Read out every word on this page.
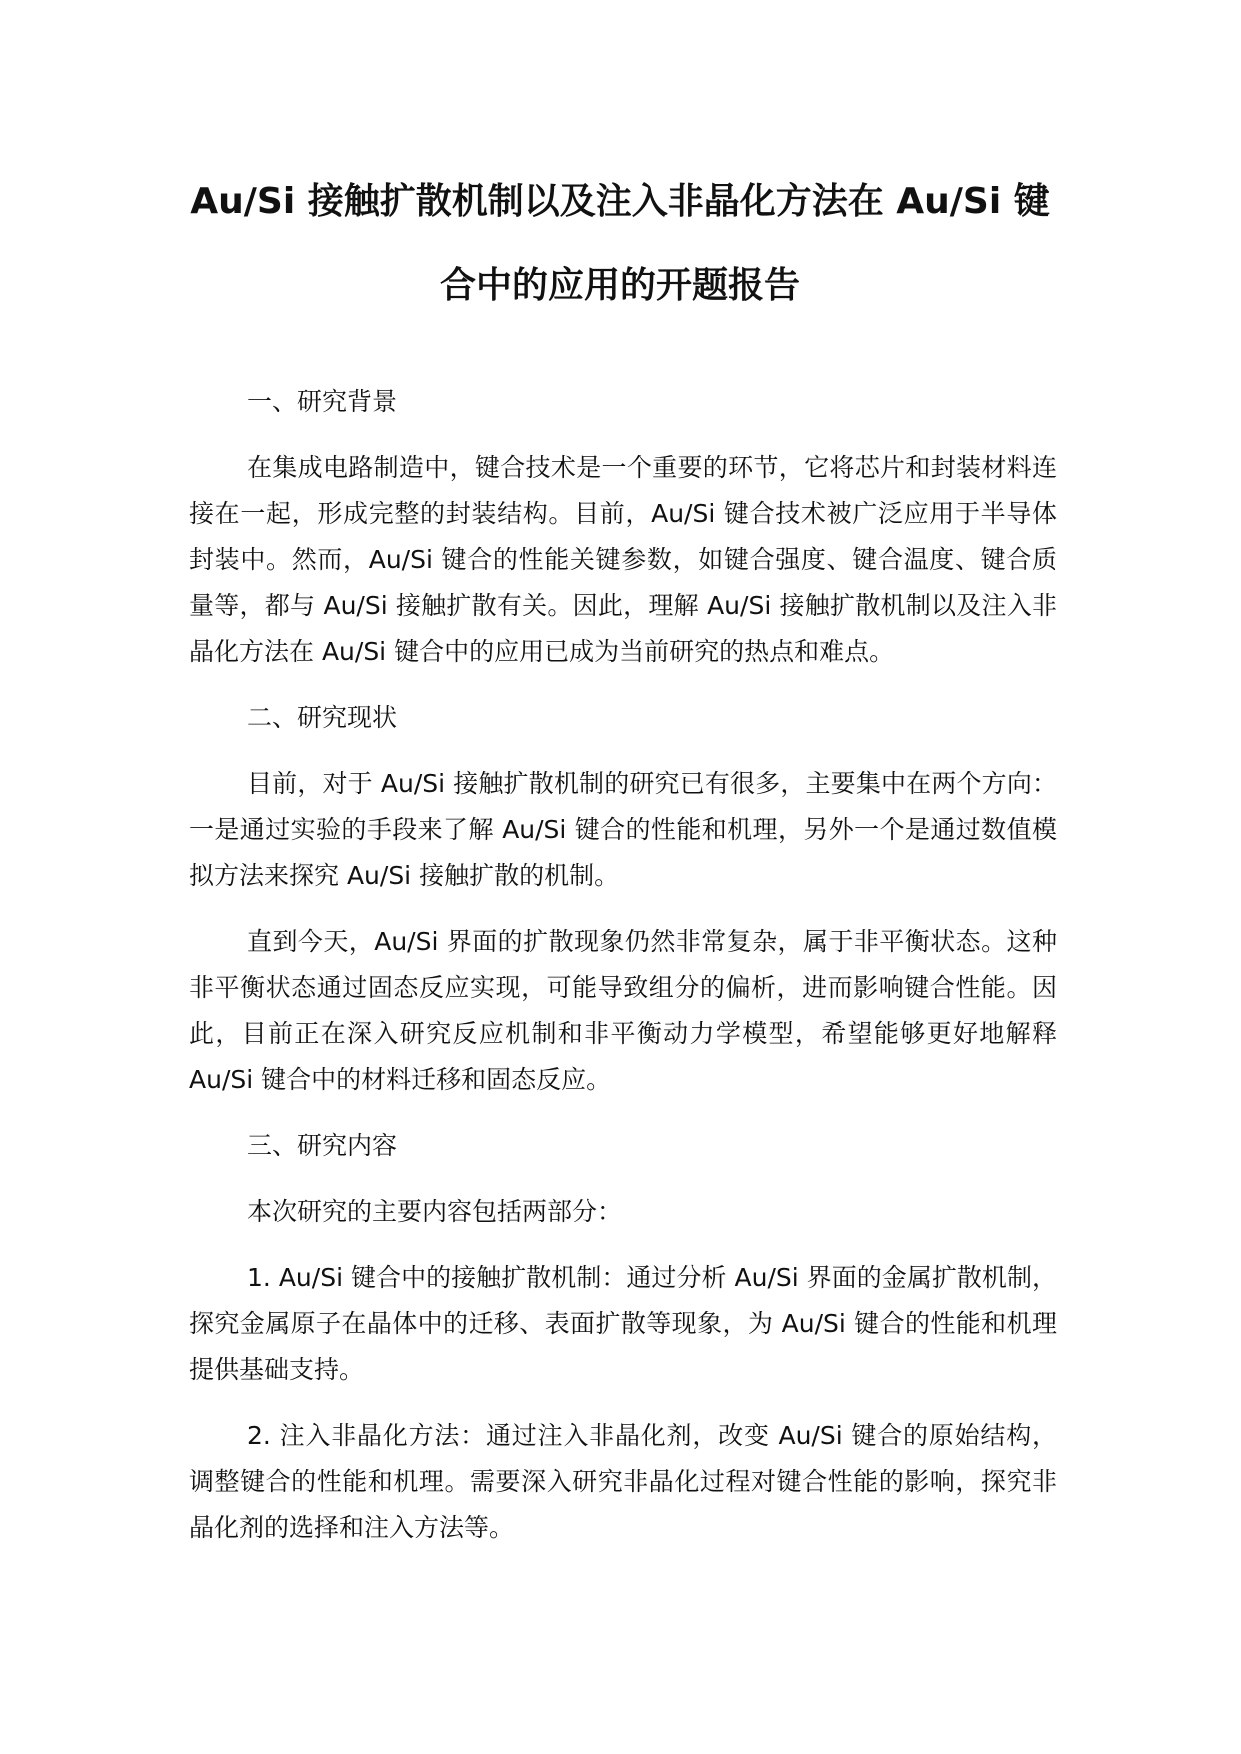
Au/Si 接触扩散机制以及注入非晶化方法在 Au/Si 键
合中的应用的开题报告

一、研究背景

在集成电路制造中，键合技术是一个重要的环节，它将芯片和封装材料连接在一起，形成完整的封装结构。目前，Au/Si 键合技术被广泛应用于半导体封装中。然而，Au/Si 键合的性能关键参数，如键合强度、键合温度、键合质量等，都与 Au/Si 接触扩散有关。因此，理解 Au/Si 接触扩散机制以及注入非晶化方法在 Au/Si 键合中的应用已成为当前研究的热点和难点。

二、研究现状

目前，对于 Au/Si 接触扩散机制的研究已有很多，主要集中在两个方向：一是通过实验的手段来了解 Au/Si 键合的性能和机理，另外一个是通过数值模拟方法来探究 Au/Si 接触扩散的机制。

直到今天，Au/Si 界面的扩散现象仍然非常复杂，属于非平衡状态。这种非平衡状态通过固态反应实现，可能导致组分的偏析，进而影响键合性能。因此，目前正在深入研究反应机制和非平衡动力学模型，希望能够更好地解释 Au/Si 键合中的材料迁移和固态反应。

三、研究内容

本次研究的主要内容包括两部分：

1. Au/Si 键合中的接触扩散机制：通过分析 Au/Si 界面的金属扩散机制，探究金属原子在晶体中的迁移、表面扩散等现象，为 Au/Si 键合的性能和机理提供基础支持。

2. 注入非晶化方法：通过注入非晶化剂，改变 Au/Si 键合的原始结构，调整键合的性能和机理。需要深入研究非晶化过程对键合性能的影响，探究非晶化剂的选择和注入方法等。
